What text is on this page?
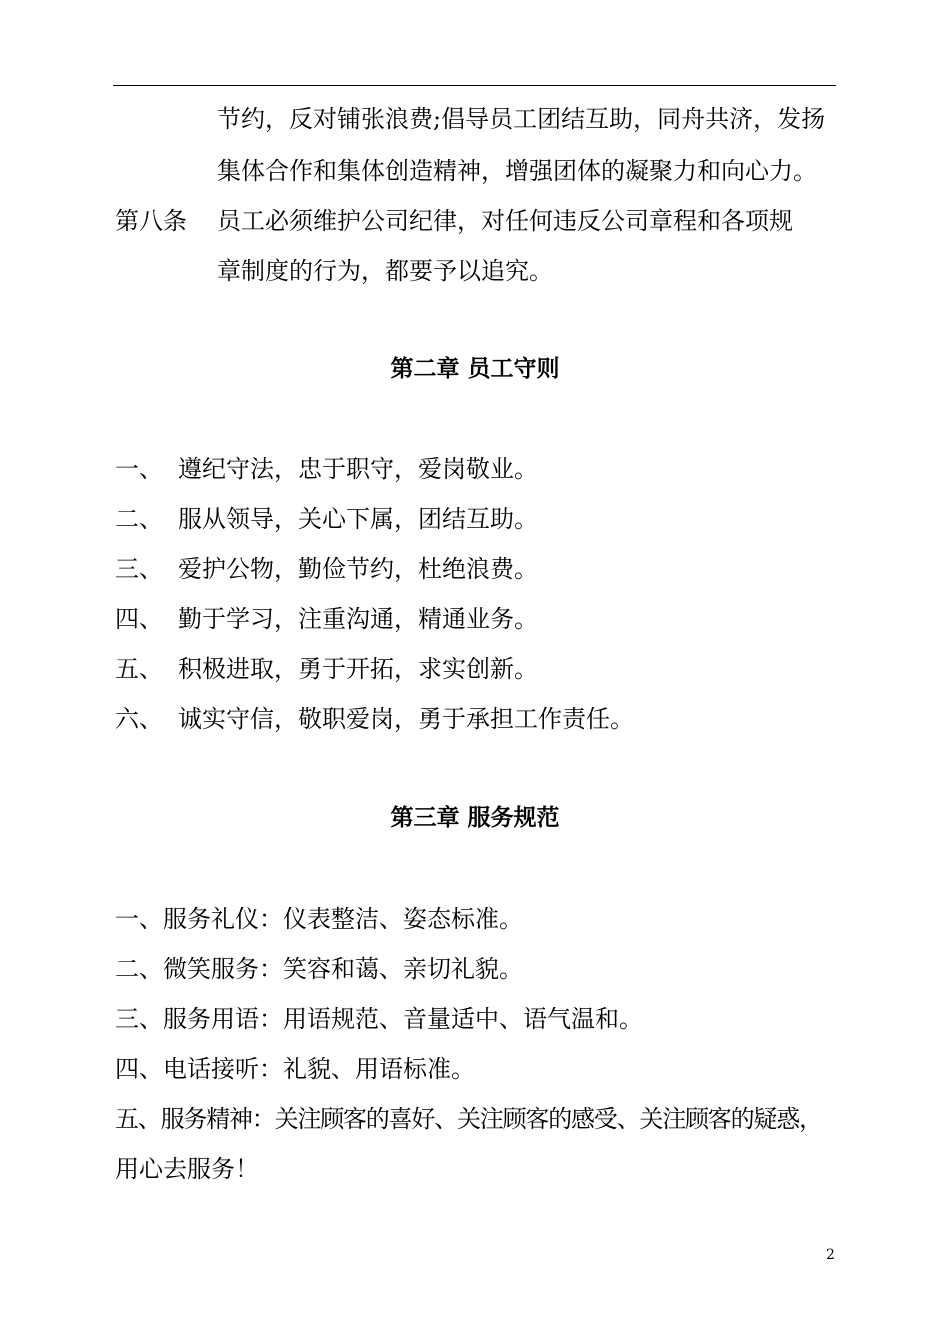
节约，反对铺张浪费;倡导员工团结互助，同舟共济，发扬
集体合作和集体创造精神，增强团体的凝聚力和向心力。
第八条 员工必须维护公司纪律，对任何违反公司章程和各项规
章制度的行为，都要予以追究。
第二章 员工守则
一、 遵纪守法，忠于职守，爱岗敬业。
二、 服从领导，关心下属，团结互助。
三、 爱护公物，勤俭节约，杜绝浪费。
四、 勤于学习，注重沟通，精通业务。
五、 积极进取，勇于开拓，求实创新。
六、 诚实守信，敬职爱岗，勇于承担工作责任。
第三章 服务规范
一、服务礼仪：仪表整洁、姿态标准。
二、微笑服务：笑容和蔼、亲切礼貌。
三、服务用语：用语规范、音量适中、语气温和。
四、电话接听：礼貌、用语标准。
五、服务精神：关注顾客的喜好、关注顾客的感受、关注顾客的疑惑，
用心去服务！
2
